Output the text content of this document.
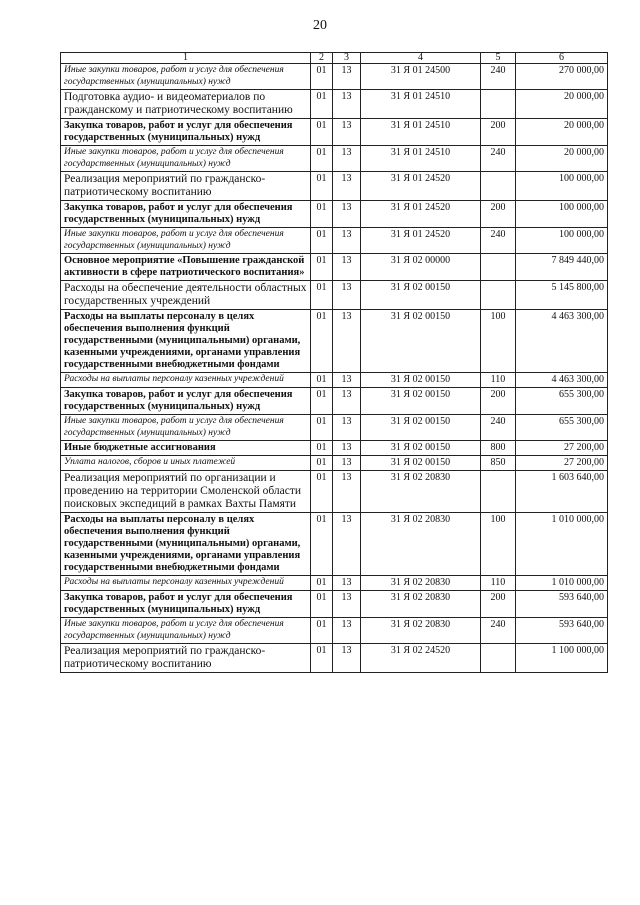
20
1	2	3	4	5	6
Иные закупки товаров, работ и услуг для обеспечения государственных (муниципальных) нужд	01	13	31 Я 01 24500	240	270 000,00
Подготовка аудио- и видеоматериалов по гражданскому и патриотическому воспитанию	01	13	31 Я 01 24510		20 000,00
Закупка товаров, работ и услуг для обеспечения государственных (муниципальных) нужд	01	13	31 Я 01 24510	200	20 000,00
Иные закупки товаров, работ и услуг для обеспечения государственных (муниципальных) нужд	01	13	31 Я 01 24510	240	20 000,00
Реализация мероприятий по гражданско-патриотическому воспитанию	01	13	31 Я 01 24520		100 000,00
Закупка товаров, работ и услуг для обеспечения государственных (муниципальных) нужд	01	13	31 Я 01 24520	200	100 000,00
Иные закупки товаров, работ и услуг для обеспечения государственных (муниципальных) нужд	01	13	31 Я 01 24520	240	100 000,00
Основное мероприятие «Повышение гражданской активности в сфере патриотического воспитания»	01	13	31 Я 02 00000		7 849 440,00
Расходы на обеспечение деятельности областных государственных учреждений	01	13	31 Я 02 00150		5 145 800,00
Расходы на выплаты персоналу в целях обеспечения выполнения функций государственными (муниципальными) органами, казенными учреждениями, органами управления государственными внебюджетными фондами	01	13	31 Я 02 00150	100	4 463 300,00
Расходы на выплаты персоналу казенных учреждений	01	13	31 Я 02 00150	110	4 463 300,00
Закупка товаров, работ и услуг для обеспечения государственных (муниципальных) нужд	01	13	31 Я 02 00150	200	655 300,00
Иные закупки товаров, работ и услуг для обеспечения государственных (муниципальных) нужд	01	13	31 Я 02 00150	240	655 300,00
Иные бюджетные ассигнования	01	13	31 Я 02 00150	800	27 200,00
Уплата налогов, сборов и иных платежей	01	13	31 Я 02 00150	850	27 200,00
Реализация мероприятий по организации и проведению на территории Смоленской области поисковых экспедиций в рамках Вахты Памяти	01	13	31 Я 02 20830		1 603 640,00
Расходы на выплаты персоналу в целях обеспечения выполнения функций государственными (муниципальными) органами, казенными учреждениями, органами управления государственными внебюджетными фондами	01	13	31 Я 02 20830	100	1 010 000,00
Расходы на выплаты персоналу казенных учреждений	01	13	31 Я 02 20830	110	1 010 000,00
Закупка товаров, работ и услуг для обеспечения государственных (муниципальных) нужд	01	13	31 Я 02 20830	200	593 640,00
Иные закупки товаров, работ и услуг для обеспечения государственных (муниципальных) нужд	01	13	31 Я 02 20830	240	593 640,00
Реализация мероприятий по гражданско-патриотическому воспитанию	01	13	31 Я 02 24520		1 100 000,00
